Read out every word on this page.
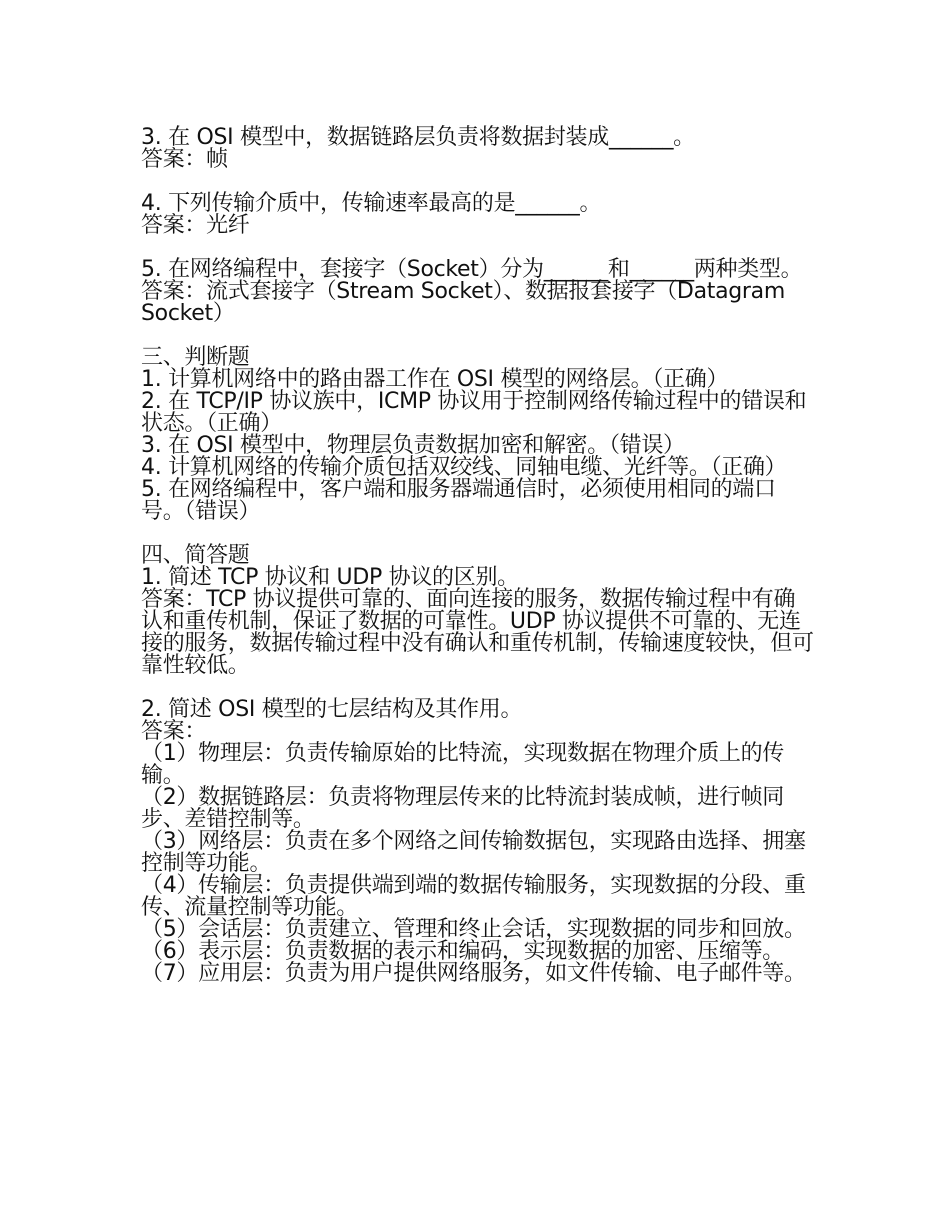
3. 在 OSI 模型中，数据链路层负责将数据封装成______。

答案：帧

4. 下列传输介质中，传输速率最高的是______。

答案：光纤

5. 在网络编程中，套接字（Socket）分为______和______两种类型。

答案：流式套接字（Stream Socket）、数据报套接字（Datagram Socket）

三、判断题

1. 计算机网络中的路由器工作在 OSI 模型的网络层。（正确）

2. 在 TCP/IP 协议族中，ICMP 协议用于控制网络传输过程中的错误和状态。（正确）

3. 在 OSI 模型中，物理层负责数据加密和解密。（错误）

4. 计算机网络的传输介质包括双绞线、同轴电缆、光纤等。（正确）

5. 在网络编程中，客户端和服务器端通信时，必须使用相同的端口号。（错误）

四、简答题

1. 简述 TCP 协议和 UDP 协议的区别。

答案：TCP 协议提供可靠的、面向连接的服务，数据传输过程中有确认和重传机制，保证了数据的可靠性。UDP 协议提供不可靠的、无连接的服务，数据传输过程中没有确认和重传机制，传输速度较快，但可靠性较低。

2. 简述 OSI 模型的七层结构及其作用。

答案：

（1）物理层：负责传输原始的比特流，实现数据在物理介质上的传输。

（2）数据链路层：负责将物理层传来的比特流封装成帧，进行帧同步、差错控制等。

（3）网络层：负责在多个网络之间传输数据包，实现路由选择、拥塞控制等功能。

（4）传输层：负责提供端到端的数据传输服务，实现数据的分段、重传、流量控制等功能。

（5）会话层：负责建立、管理和终止会话，实现数据的同步和回放。

（6）表示层：负责数据的表示和编码，实现数据的加密、压缩等。

（7）应用层：负责为用户提供网络服务，如文件传输、电子邮件等。
